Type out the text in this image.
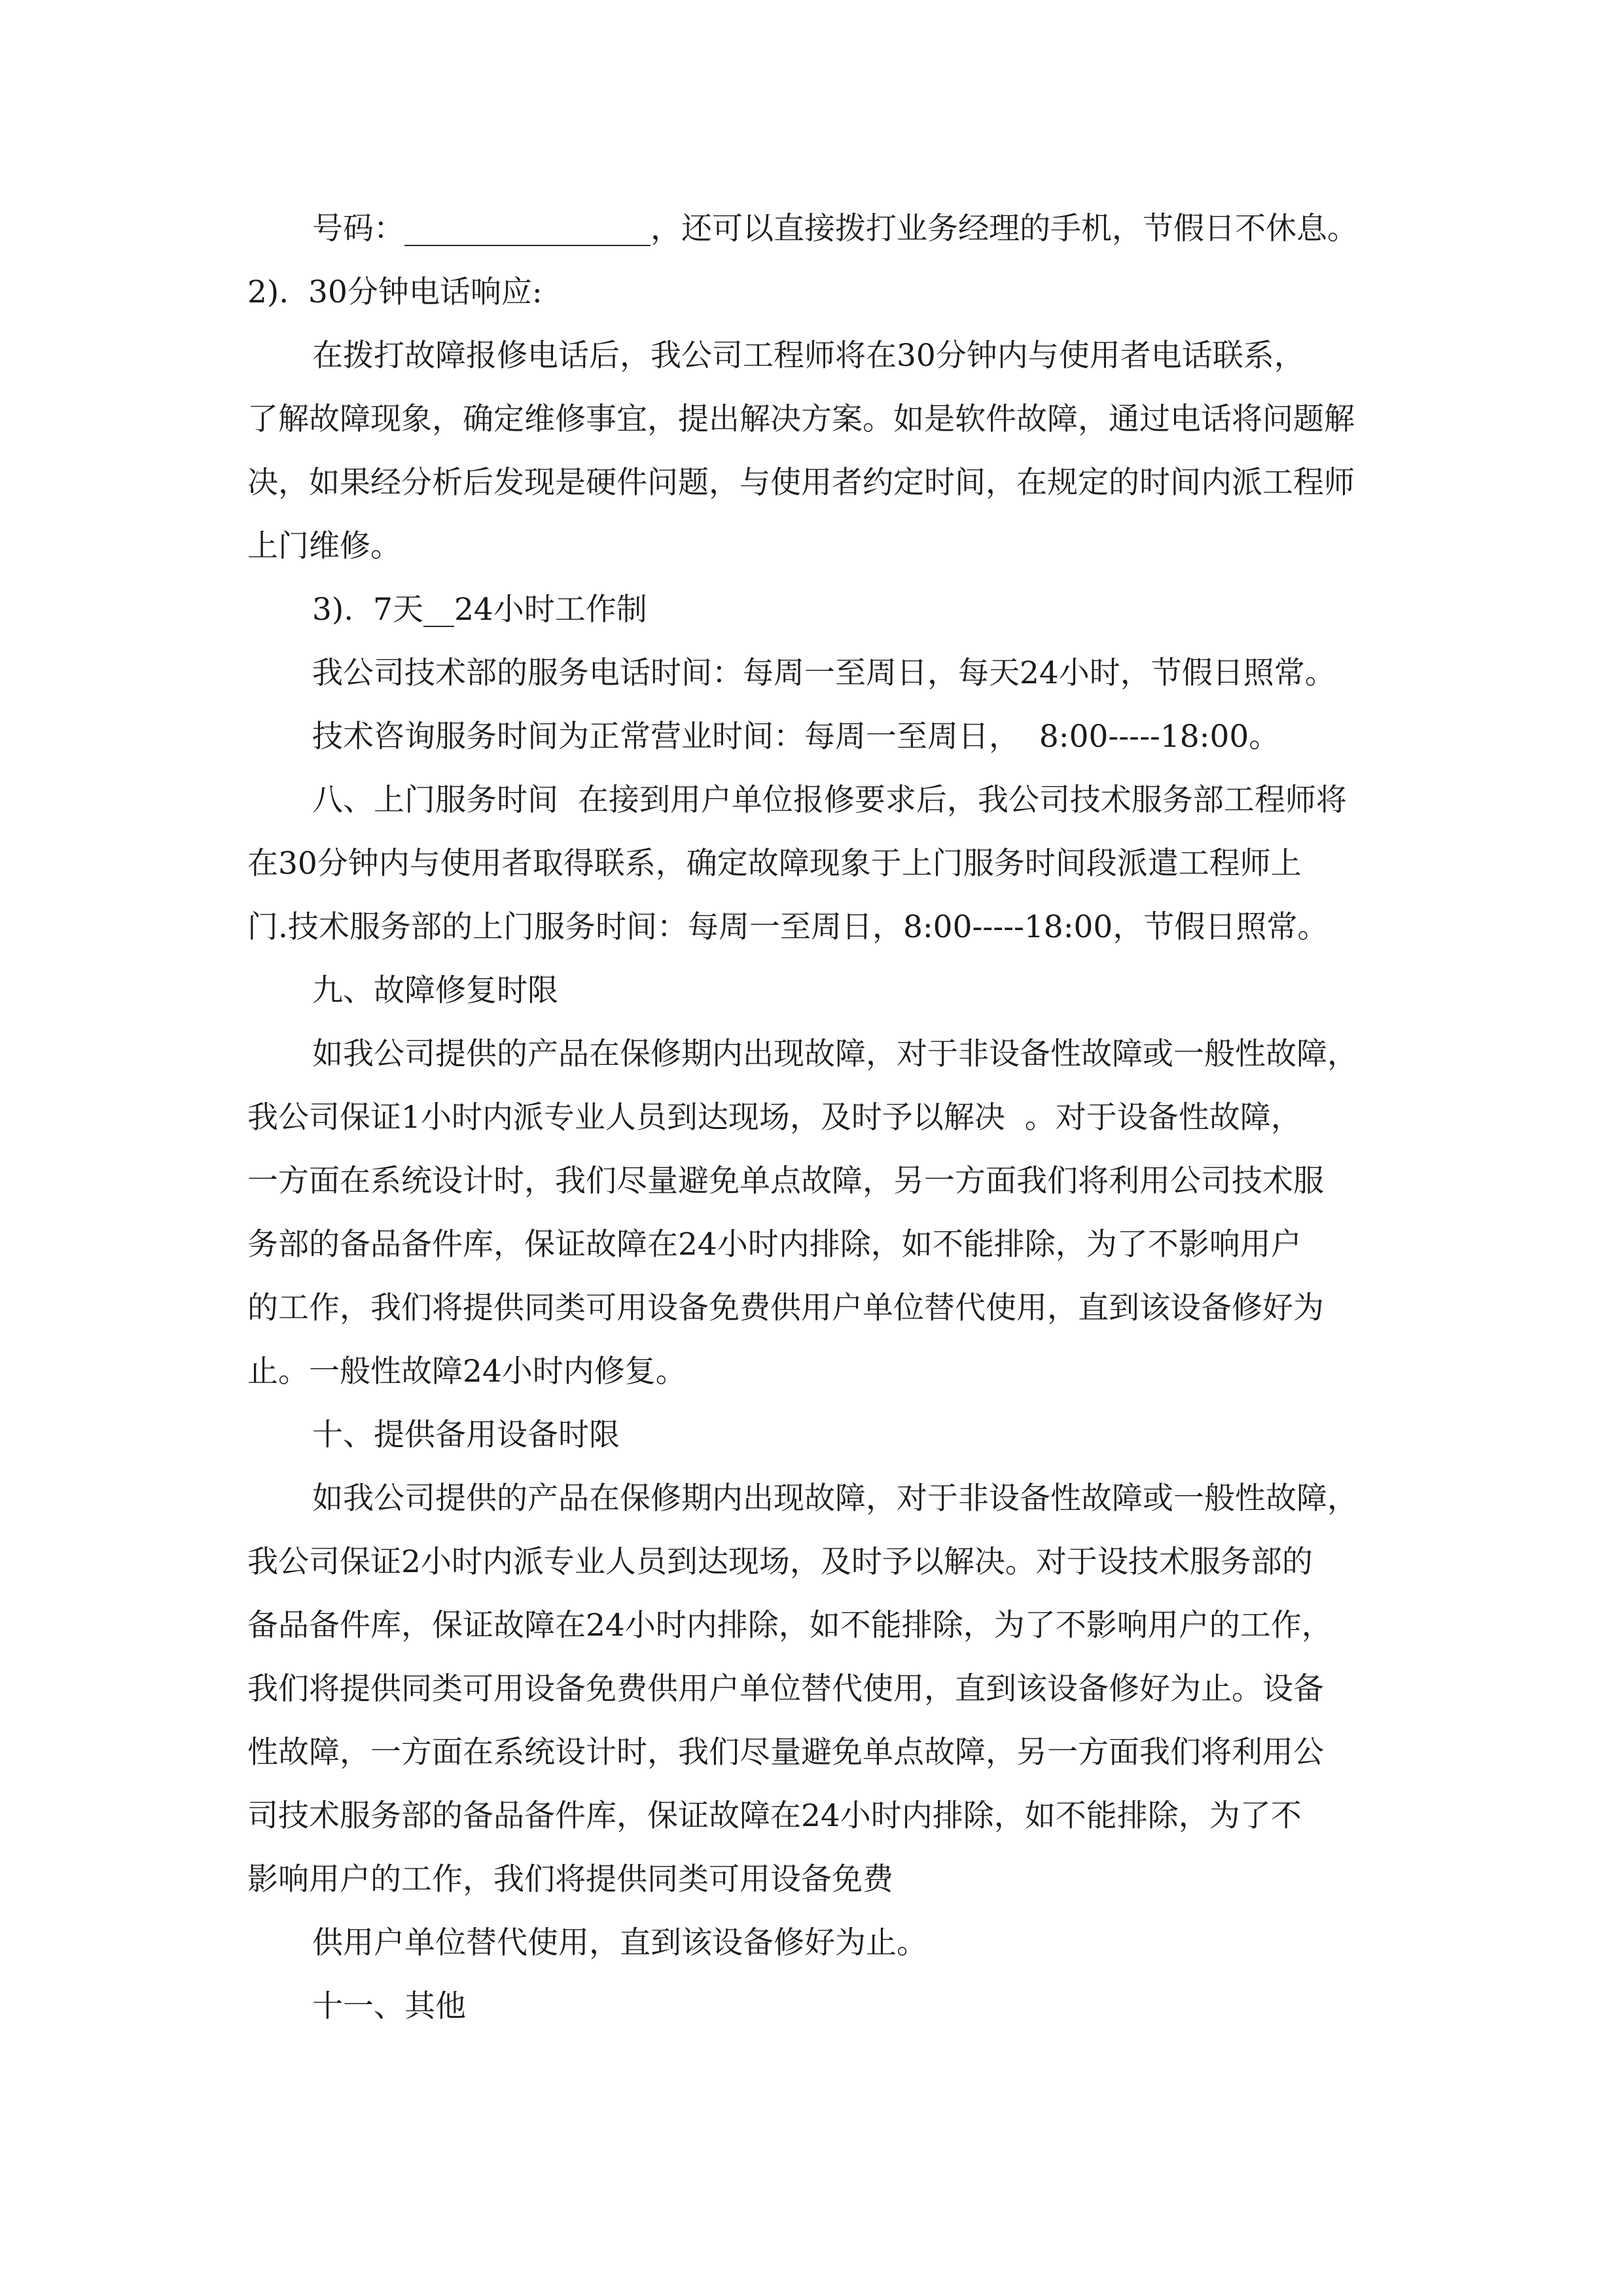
号码：________________，还可以直接拨打业务经理的手机，节假日不休息。
2).  30分钟电话响应:
在拨打故障报修电话后，我公司工程师将在30分钟内与使用者电话联系，
了解故障现象，确定维修事宜，提出解决方案。如是软件故障，通过电话将问题解
决，如果经分析后发现是硬件问题，与使用者约定时间，在规定的时间内派工程师
上门维修。
3).  7天__24小时工作制
我公司技术部的服务电话时间：每周一至周日，每天24小时，节假日照常。
技术咨询服务时间为正常营业时间：每周一至周日，  8:00-----18:00。
八、上门服务时间  在接到用户单位报修要求后，我公司技术服务部工程师将
在30分钟内与使用者取得联系，确定故障现象于上门服务时间段派遣工程师上
门.技术服务部的上门服务时间：每周一至周日，8:00-----18:00，节假日照常。
九、故障修复时限
如我公司提供的产品在保修期内出现故障，对于非设备性故障或一般性故障，
我公司保证1小时内派专业人员到达现场，及时予以解决  。对于设备性故障，
一方面在系统设计时，我们尽量避免单点故障，另一方面我们将利用公司技术服
务部的备品备件库，保证故障在24小时内排除，如不能排除，为了不影响用户
的工作，我们将提供同类可用设备免费供用户单位替代使用，直到该设备修好为
止。一般性故障24小时内修复。
十、提供备用设备时限
如我公司提供的产品在保修期内出现故障，对于非设备性故障或一般性故障，
我公司保证2小时内派专业人员到达现场，及时予以解决。对于设技术服务部的
备品备件库，保证故障在24小时内排除，如不能排除，为了不影响用户的工作，
我们将提供同类可用设备免费供用户单位替代使用，直到该设备修好为止。设备
性故障，一方面在系统设计时，我们尽量避免单点故障，另一方面我们将利用公
司技术服务部的备品备件库，保证故障在24小时内排除，如不能排除，为了不
影响用户的工作，我们将提供同类可用设备免费
供用户单位替代使用，直到该设备修好为止。
十一、其他
